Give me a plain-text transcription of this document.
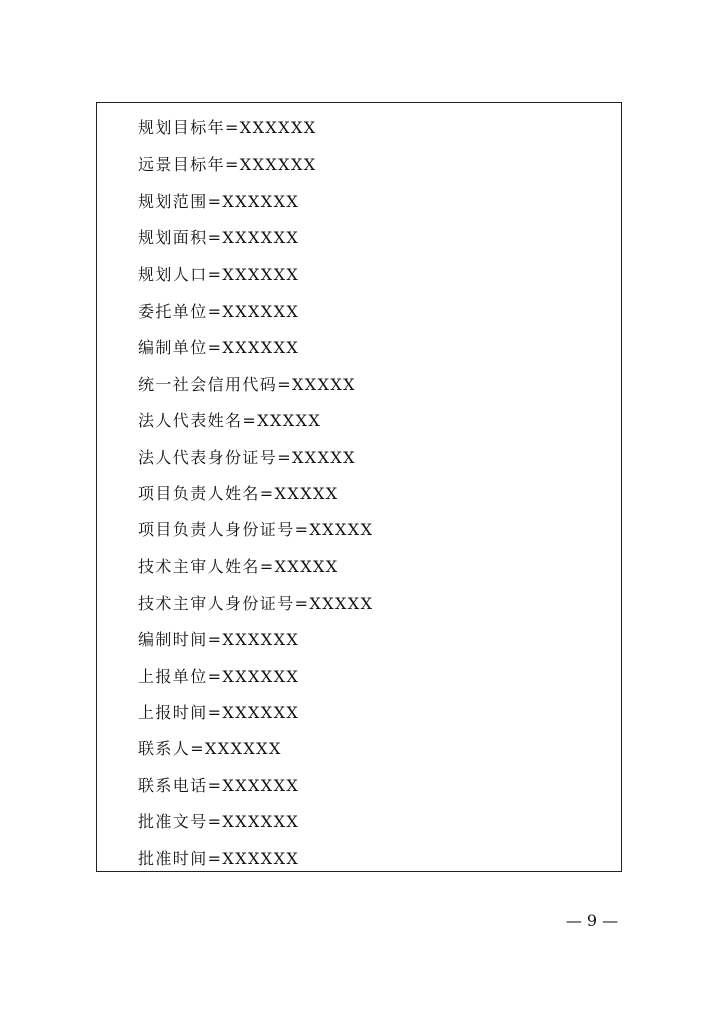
规划目标年=XXXXXX
远景目标年=XXXXXX
规划范围=XXXXXX
规划面积=XXXXXX
规划人口=XXXXXX
委托单位=XXXXXX
编制单位=XXXXXX
统一社会信用代码=XXXXX
法人代表姓名=XXXXX
法人代表身份证号=XXXXX
项目负责人姓名=XXXXX
项目负责人身份证号=XXXXX
技术主审人姓名=XXXXX
技术主审人身份证号=XXXXX
编制时间=XXXXXX
上报单位=XXXXXX
上报时间=XXXXXX
联系人=XXXXXX
联系电话=XXXXXX
批准文号=XXXXXX
批准时间=XXXXXX
— 9 —
